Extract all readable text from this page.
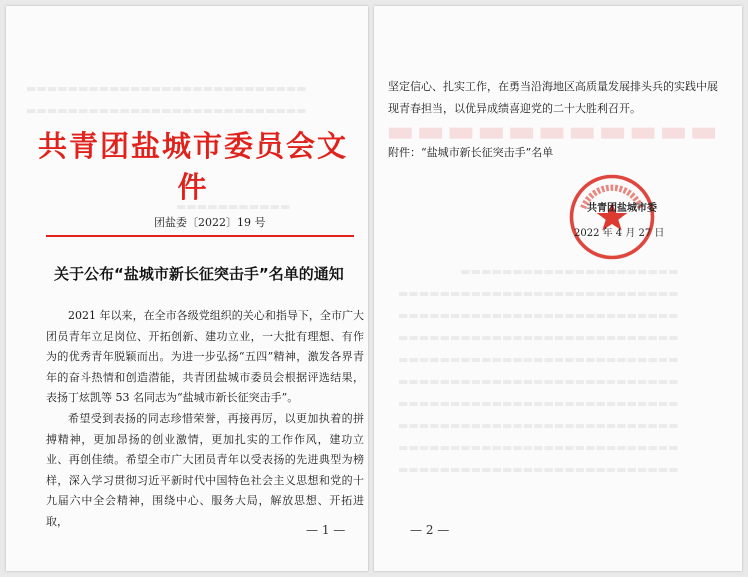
▬▬▬▬▬▬▬▬▬▬▬▬▬▬▬▬▬▬▬▬▬▬▬▬▬▬▬
▬▬▬▬▬▬▬▬▬▬▬▬▬▬▬▬▬▬▬▬▬▬▬▬▬▬▬
▬▬▬▬▬▬▬▬▬▬▬
共青团盐城市委员会文件
团盐委〔2022〕19 号
关于公布“盐城市新长征突击手”名单的通知

2021 年以来，在全市各级党组织的关心和指导下，全市广大团员青年立足岗位、开拓创新、建功立业，一大批有理想、有作为的优秀青年脱颖而出。为进一步弘扬“五四”精神，激发各界青年的奋斗热情和创造潜能，共青团盐城市委员会根据评选结果，表扬丁炫凯等 53 名同志为“盐城市新长征突击手”。

希望受到表扬的同志珍惜荣誉，再接再厉，以更加执着的拼搏精神，更加昂扬的创业激情，更加扎实的工作作风，建功立业、再创佳绩。希望全市广大团员青年以受表扬的先进典型为榜样，深入学习贯彻习近平新时代中国特色社会主义思想和党的十九届六中全会精神，围绕中心、服务大局，解放思想、开拓进取，

— 1 —
▬▬▬▬▬▬▬▬▬▬▬
▬▬▬▬▬▬▬▬▬▬▬▬▬▬▬▬▬▬▬▬▬
▬▬▬▬▬▬▬▬▬▬▬▬▬▬▬▬▬▬▬▬▬▬▬▬▬▬▬
▬▬▬▬▬▬▬▬▬▬▬▬▬▬▬▬▬▬▬▬▬▬▬▬▬▬▬
▬▬▬▬▬▬▬▬▬▬▬▬▬▬▬▬▬▬▬▬▬▬▬▬▬▬▬
▬▬▬▬▬▬▬▬▬▬▬▬▬▬▬▬▬▬▬▬▬▬▬▬▬▬▬
▬▬▬▬▬▬▬▬▬▬▬▬▬▬▬▬▬▬▬▬▬▬▬▬▬▬▬
▬▬▬▬▬▬▬▬▬▬▬▬▬▬▬▬▬▬▬▬▬▬▬▬▬▬▬
▬▬▬▬▬▬▬▬▬▬▬▬▬▬▬▬▬▬▬▬▬▬▬▬▬▬▬
▬▬▬▬▬▬▬▬▬▬▬▬▬▬▬▬▬▬▬▬▬▬▬▬▬▬▬
▬▬▬▬▬▬▬▬▬▬▬▬▬▬▬▬▬▬▬▬▬▬▬▬▬▬▬

坚定信心、扎实工作，在勇当沿海地区高质量发展排头兵的实践中展现青春担当，以优异成绩喜迎党的二十大胜利召开。

附件：“盐城市新长征突击手”名单
共青团盐城市委
2022 年 4 月 27 日
— 2 —
